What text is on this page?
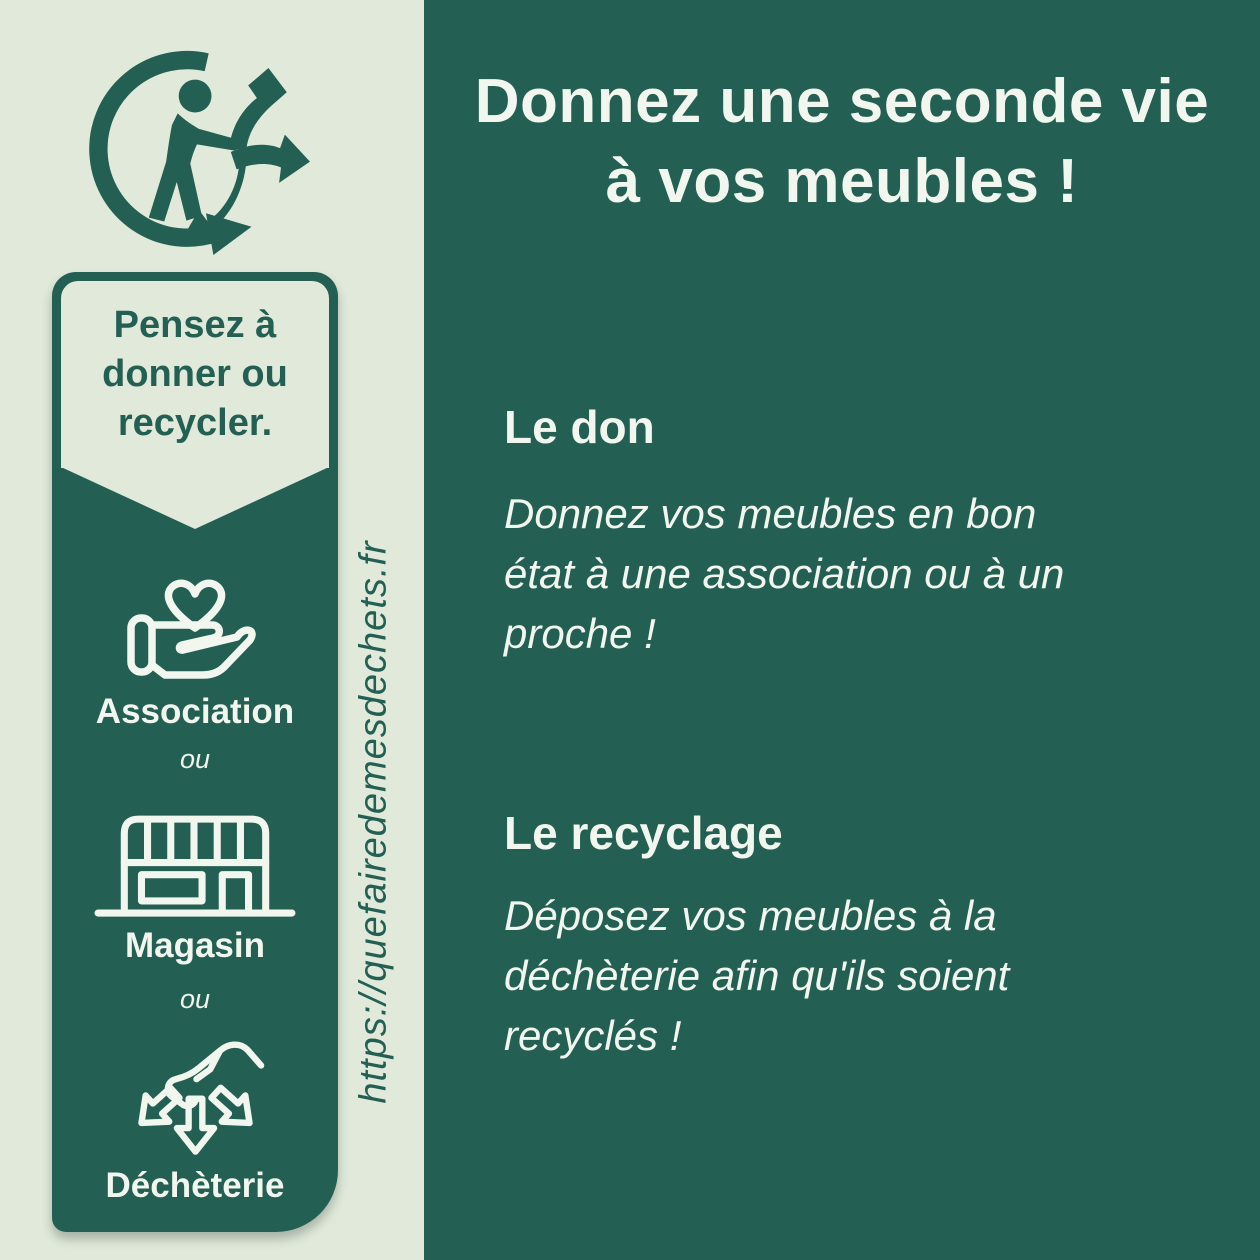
Pensez à
donner ou
recycler.
Association
ou
Magasin
ou
Déchèterie
https://quefairedemesdechets.fr
Donnez une seconde vie
à vos meubles !
Le don
Donnez vos meubles en bon
état à une association ou à un
proche !
Le recyclage
Déposez vos meubles à la
déchèterie afin qu'ils soient
recyclés !
